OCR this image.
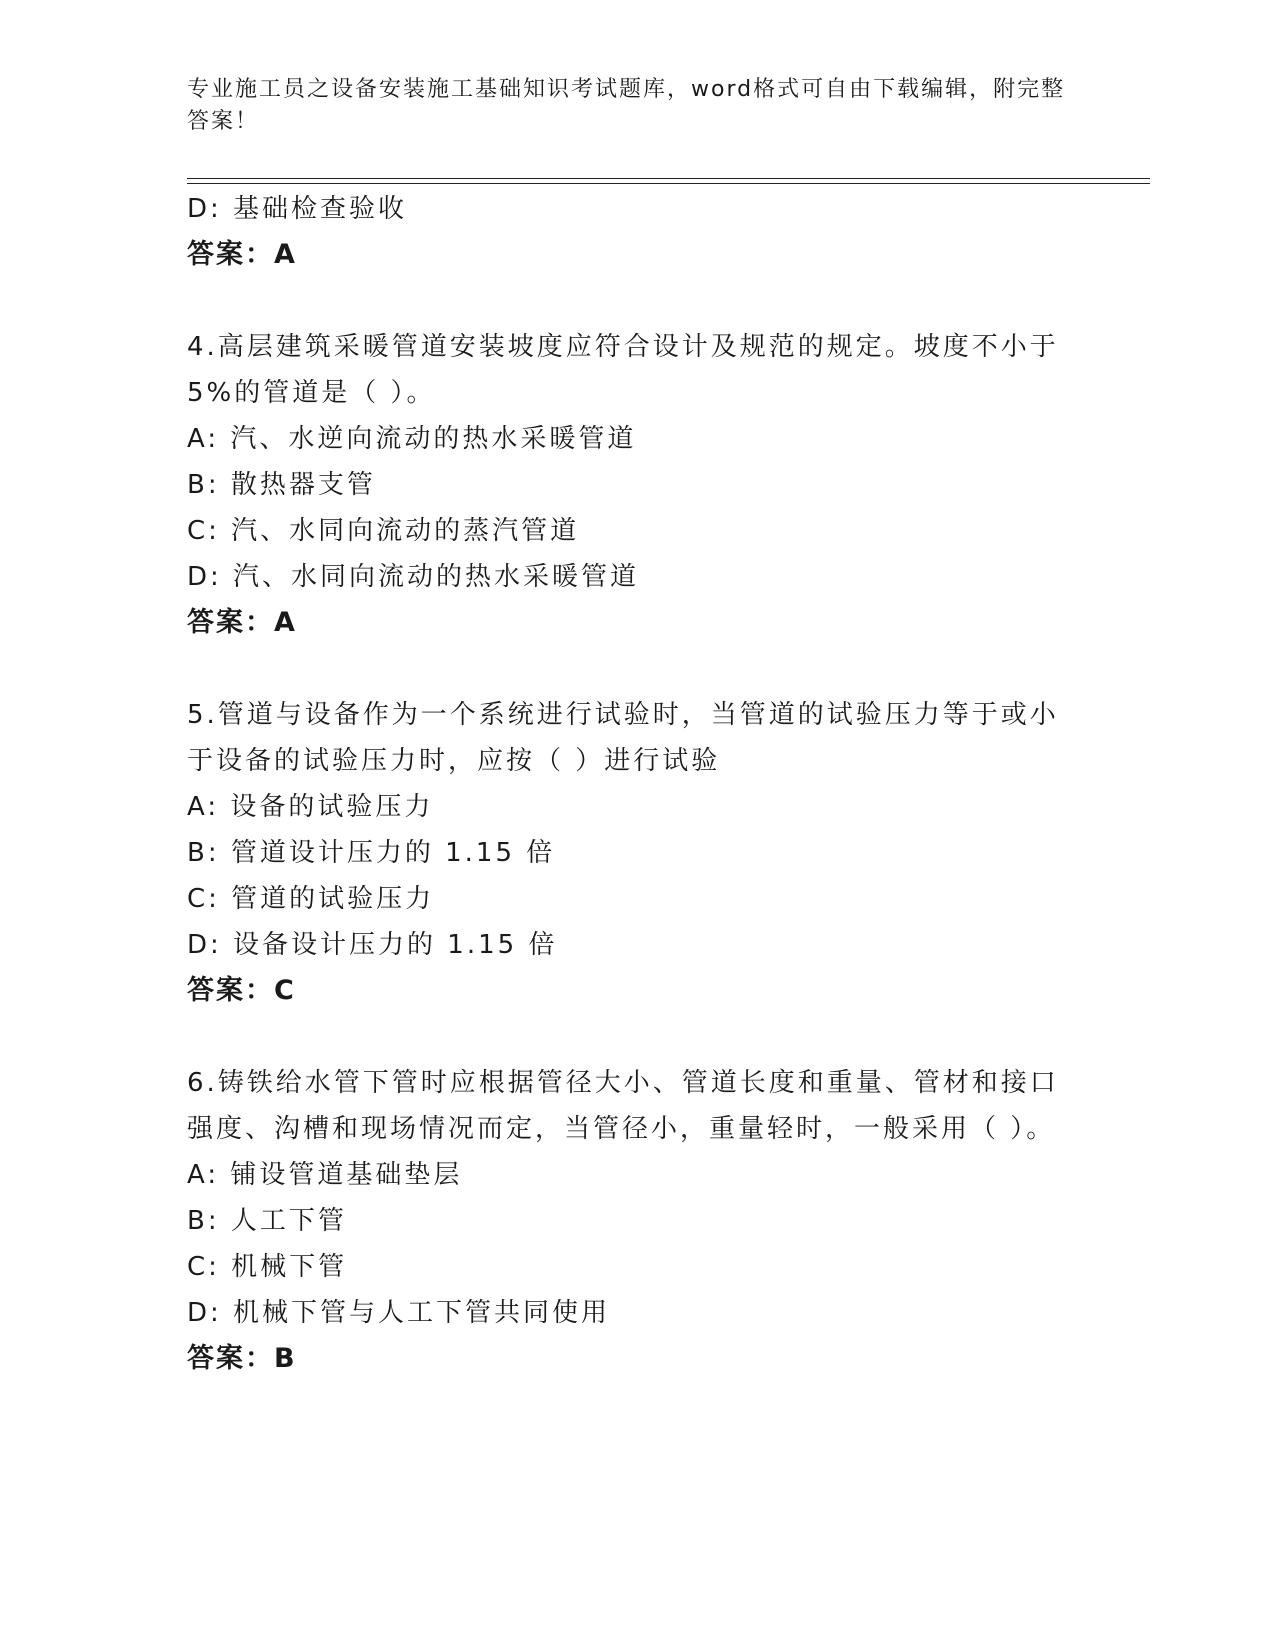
专业施工员之设备安装施工基础知识考试题库，word格式可自由下载编辑，附完整答案！
D: 基础检查验收
答案：A
4.高层建筑采暖管道安装坡度应符合设计及规范的规定。坡度不小于
5%的管道是（ ）。
A: 汽、水逆向流动的热水采暖管道
B: 散热器支管
C: 汽、水同向流动的蒸汽管道
D: 汽、水同向流动的热水采暖管道
答案：A
5.管道与设备作为一个系统进行试验时，当管道的试验压力等于或小
于设备的试验压力时，应按（ ）进行试验
A: 设备的试验压力
B: 管道设计压力的 1.15 倍
C: 管道的试验压力
D: 设备设计压力的 1.15 倍
答案：C
6.铸铁给水管下管时应根据管径大小、管道长度和重量、管材和接口
强度、沟槽和现场情况而定，当管径小，重量轻时，一般采用（ ）。
A: 铺设管道基础垫层
B: 人工下管
C: 机械下管
D: 机械下管与人工下管共同使用
答案：B
